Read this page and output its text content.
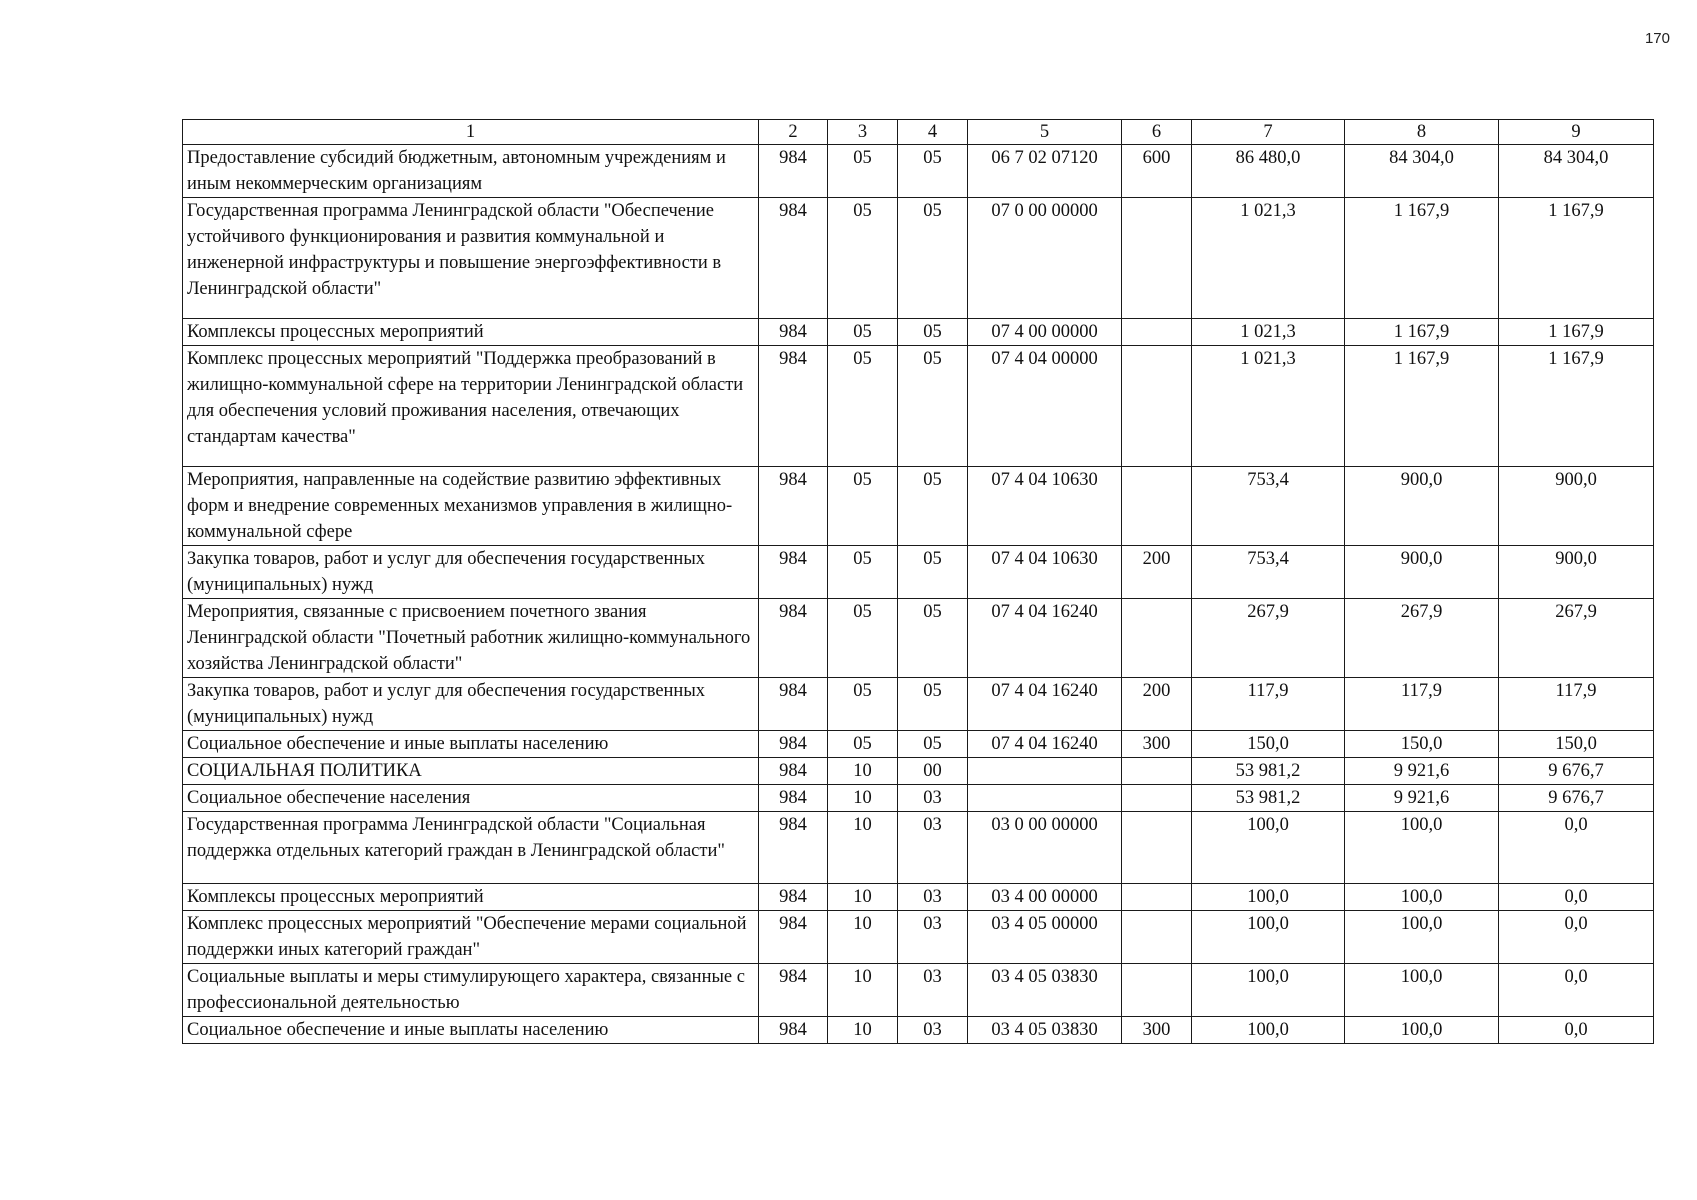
170
1	2	3	4	5	6	7	8	9
Предоставление субсидий бюджетным, автономным учреждениям и иным некоммерческим организациям	984	05	05	06 7 02 07120	600	86 480,0	84 304,0	84 304,0
Государственная программа Ленинградской области "Обеспечение устойчивого функционирования и развития коммунальной и инженерной инфраструктуры и повышение энергоэффективности в Ленинградской области"	984	05	05	07 0 00 00000		1 021,3	1 167,9	1 167,9
Комплексы процессных мероприятий	984	05	05	07 4 00 00000		1 021,3	1 167,9	1 167,9
Комплекс процессных мероприятий "Поддержка преобразований в жилищно-коммунальной сфере на территории Ленинградской области для обеспечения условий проживания населения, отвечающих стандартам качества"	984	05	05	07 4 04 00000		1 021,3	1 167,9	1 167,9
Мероприятия, направленные на содействие развитию эффективных форм и внедрение современных механизмов управления в жилищно-коммунальной сфере	984	05	05	07 4 04 10630		753,4	900,0	900,0
Закупка товаров, работ и услуг для обеспечения государственных (муниципальных) нужд	984	05	05	07 4 04 10630	200	753,4	900,0	900,0
Мероприятия, связанные с присвоением почетного звания Ленинградской области "Почетный работник жилищно-коммунального хозяйства Ленинградской области"	984	05	05	07 4 04 16240		267,9	267,9	267,9
Закупка товаров, работ и услуг для обеспечения государственных (муниципальных) нужд	984	05	05	07 4 04 16240	200	117,9	117,9	117,9
Социальное обеспечение и иные выплаты населению	984	05	05	07 4 04 16240	300	150,0	150,0	150,0
СОЦИАЛЬНАЯ ПОЛИТИКА	984	10	00			53 981,2	9 921,6	9 676,7
Социальное обеспечение населения	984	10	03			53 981,2	9 921,6	9 676,7
Государственная программа Ленинградской области "Социальная поддержка отдельных категорий граждан в Ленинградской области"	984	10	03	03 0 00 00000		100,0	100,0	0,0
Комплексы процессных мероприятий	984	10	03	03 4 00 00000		100,0	100,0	0,0
Комплекс процессных мероприятий "Обеспечение мерами социальной поддержки иных категорий граждан"	984	10	03	03 4 05 00000		100,0	100,0	0,0
Социальные выплаты и меры стимулирующего характера, связанные с профессиональной деятельностью	984	10	03	03 4 05 03830		100,0	100,0	0,0
Социальное обеспечение и иные выплаты населению	984	10	03	03 4 05 03830	300	100,0	100,0	0,0
